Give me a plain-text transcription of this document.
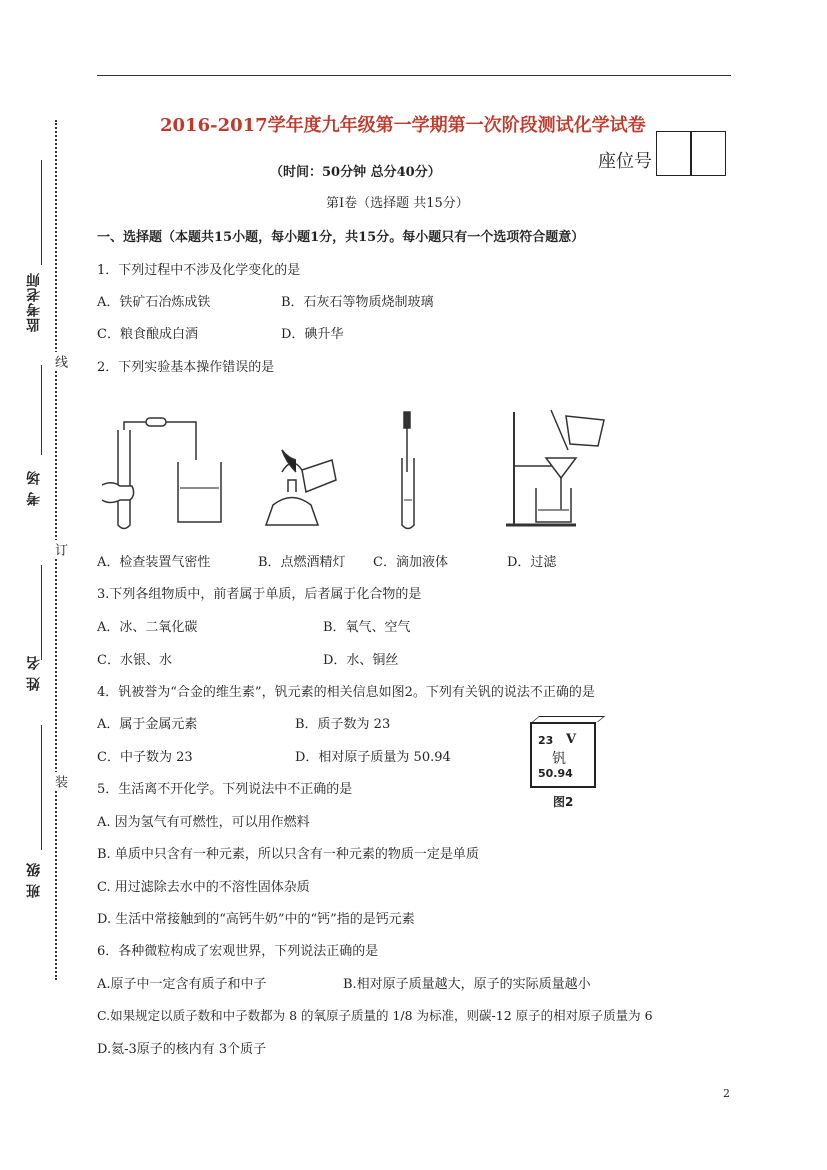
监考老师
考 场
姓 名
班 级
线
订
装
2016-2017学年度九年级第一学期第一次阶段测试化学试卷
座位号
（时间：50分钟 总分40分）
第Ⅰ卷（选择题 共15分）
一、选择题（本题共15小题，每小题1分，共15分。每小题只有一个选项符合题意）
1．下列过程中不涉及化学变化的是
A．铁矿石冶炼成铁	B．石灰石等物质烧制玻璃
C．粮食酿成白酒	D．碘升华
2．下列实验基本操作错误的是
A．检查装置气密性	B．点燃酒精灯 C．滴加液体	D．过滤
3.下列各组物质中，前者属于单质，后者属于化合物的是
A．冰、二氧化碳	B．氧气、空气
C．水银、水	D．水、铜丝
4．钒被誉为“合金的维生素”，钒元素的相关信息如图2。下列有关钒的说法不正确的是
A．属于金属元素	B．质子数为 23
C．中子数为 23	D．相对原子质量为 50.94
23 V
钒
50.94
图2
5．生活离不开化学。下列说法中不正确的是
A. 因为氢气有可燃性，可以用作燃料
B. 单质中只含有一种元素，所以只含有一种元素的物质一定是单质
C. 用过滤除去水中的不溶性固体杂质
D. 生活中常接触到的“高钙牛奶”中的“钙”指的是钙元素
6．各种微粒构成了宏观世界，下列说法正确的是
A.原子中一定含有质子和中子	B.相对原子质量越大，原子的实际质量越小
C.如果规定以质子数和中子数都为 8 的氧原子质量的 1/8 为标准，则碳-12 原子的相对原子质量为 6
D.氦-3原子的核内有 3个质子
2
